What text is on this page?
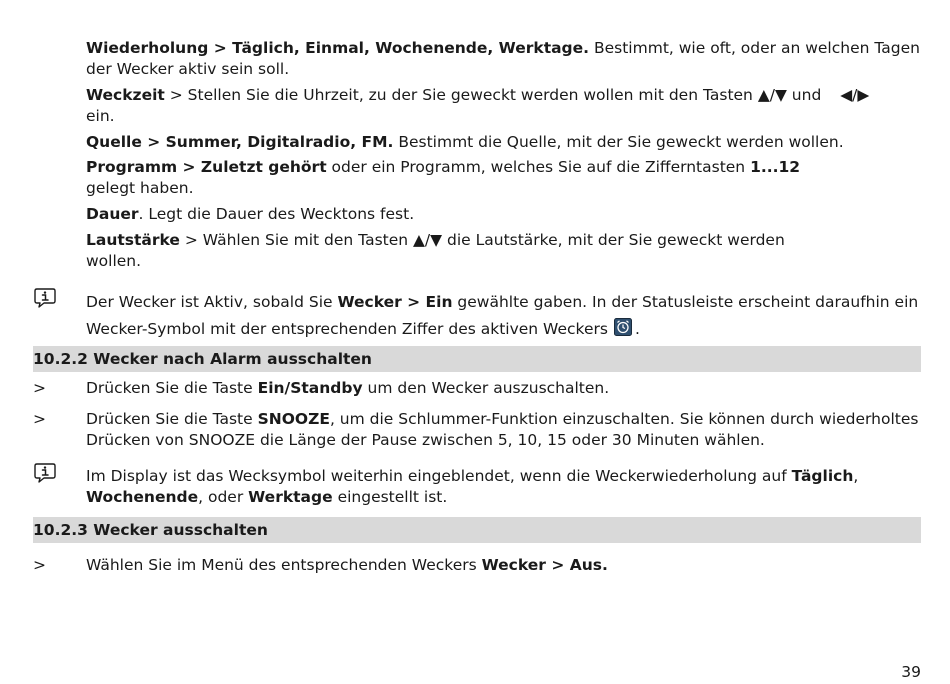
Wiederholung > Täglich, Einmal, Wochenende, Werktage. Bestimmt, wie oft, oder an welchen Tagen der Wecker aktiv sein soll.

Weckzeit > Stellen Sie die Uhrzeit, zu der Sie geweckt werden wollen mit den Tasten ▲/▼ und ◀/▶
ein.

Quelle > Summer, Digitalradio, FM. Bestimmt die Quelle, mit der Sie geweckt werden wollen.

Programm > Zuletzt gehört oder ein Programm, welches Sie auf die Zifferntasten 1...12
gelegt haben.

Dauer. Legt die Dauer des Wecktons fest.

Lautstärke > Wählen Sie mit den Tasten ▲/▼ die Lautstärke, mit der Sie geweckt werden
wollen.

Der Wecker ist Aktiv, sobald Sie Wecker > Ein gewählte gaben. In der Statusleiste erscheint daraufhin ein
Wecker-Symbol mit der entsprechenden Ziffer des aktiven Weckers .

10.2.2 Wecker nach Alarm ausschalten
>	Drücken Sie die Taste Ein/Standby um den Wecker auszuschalten.

>	Drücken Sie die Taste SNOOZE, um die Schlummer-Funktion einzuschalten. Sie können durch wiederholtes Drücken von SNOOZE die Länge der Pause zwischen 5, 10, 15 oder 30 Minuten wählen.

Im Display ist das Wecksymbol weiterhin eingeblendet, wenn die Weckerwiederholung auf Täglich,
Wochenende, oder Werktage eingestellt ist.

10.2.3 Wecker ausschalten
>	Wählen Sie im Menü des entsprechenden Weckers Wecker > Aus.

39
